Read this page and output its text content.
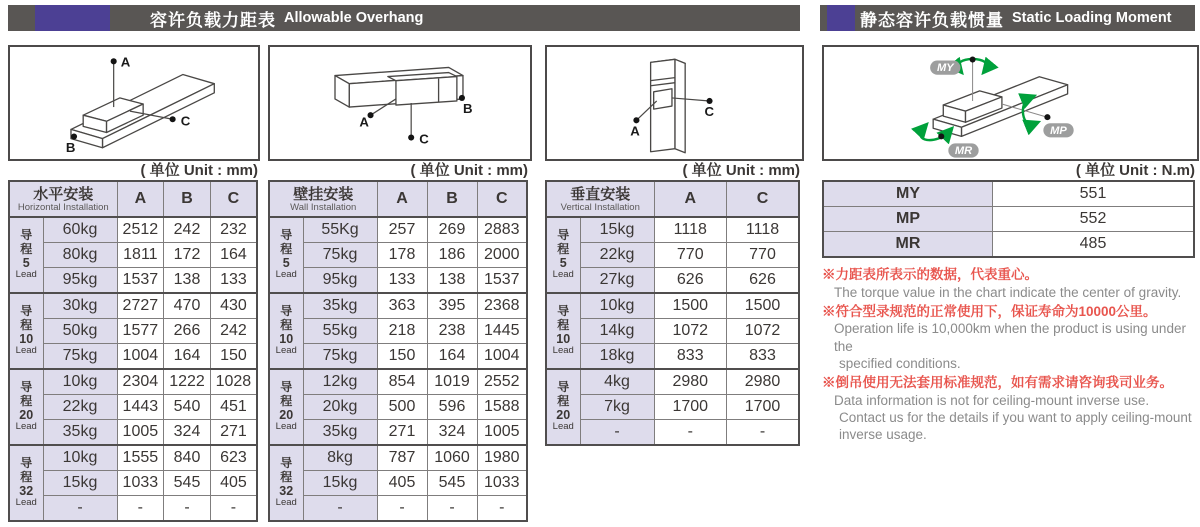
容许负载力距表 Allowable Overhang	静态容许负载惯量 Static Loading Moment
A
B
C	A
B
C
A
C
MY
MP
MR
( 单位 Unit : mm)	( 单位 Unit : mm)	( 单位 Unit : mm)	( 单位 Unit : N.m)
水平安装
Horizontal Installation		A	B	C

导
程
5
Lead	60kg	2512	242	232
	80kg	1811	172	164
	95kg	1537	138	133

导
程
10
Lead	30kg	2727	470	430
	50kg	1577	266	242
	75kg	1004	164	150

导
程
20
Lead	10kg	2304	1222	1028
	22kg	1443	540	451
	35kg	1005	324	271

导
程
32
Lead	10kg	1555	840	623
	15kg	1033	545	405
	-	-	-	-
壁挂安装
Wall Installation		A	B	C

导
程
5
Lead	55Kg	257	269	2883
	75kg	178	186	2000
	95kg	133	138	1537

导
程
10
Lead	35kg	363	395	2368
	55kg	218	238	1445
	75kg	150	164	1004

导
程
20
Lead	12kg	854	1019	2552
	20kg	500	596	1588
	35kg	271	324	1005

导
程
32
Lead	8kg	787	1060	1980
	15kg	405	545	1033
	-	-	-	-
垂直安装
Vertical Installation		A	C

导
程
5
Lead	15kg	1118	1118
	22kg	770	770
	27kg	626	626

导
程
10
Lead	10kg	1500	1500
	14kg	1072	1072
	18kg	833	833

导
程
20
Lead	4kg	2980	2980
	7kg	1700	1700
	-	-	-
MY	551
MP	552
MR	485
※力距表所表示的数据，代表重心。
The torque value in the chart indicate the center of gravity.
※符合型录规范的正常使用下，保证寿命为10000公里。
Operation life is 10,000km when the product is using under the
specified conditions.
※倒吊使用无法套用标准规范，如有需求请咨询我司业务。
Data information is not for ceiling-mount inverse use.
Contact us for the details if you want to apply ceiling-mount
inverse usage.
